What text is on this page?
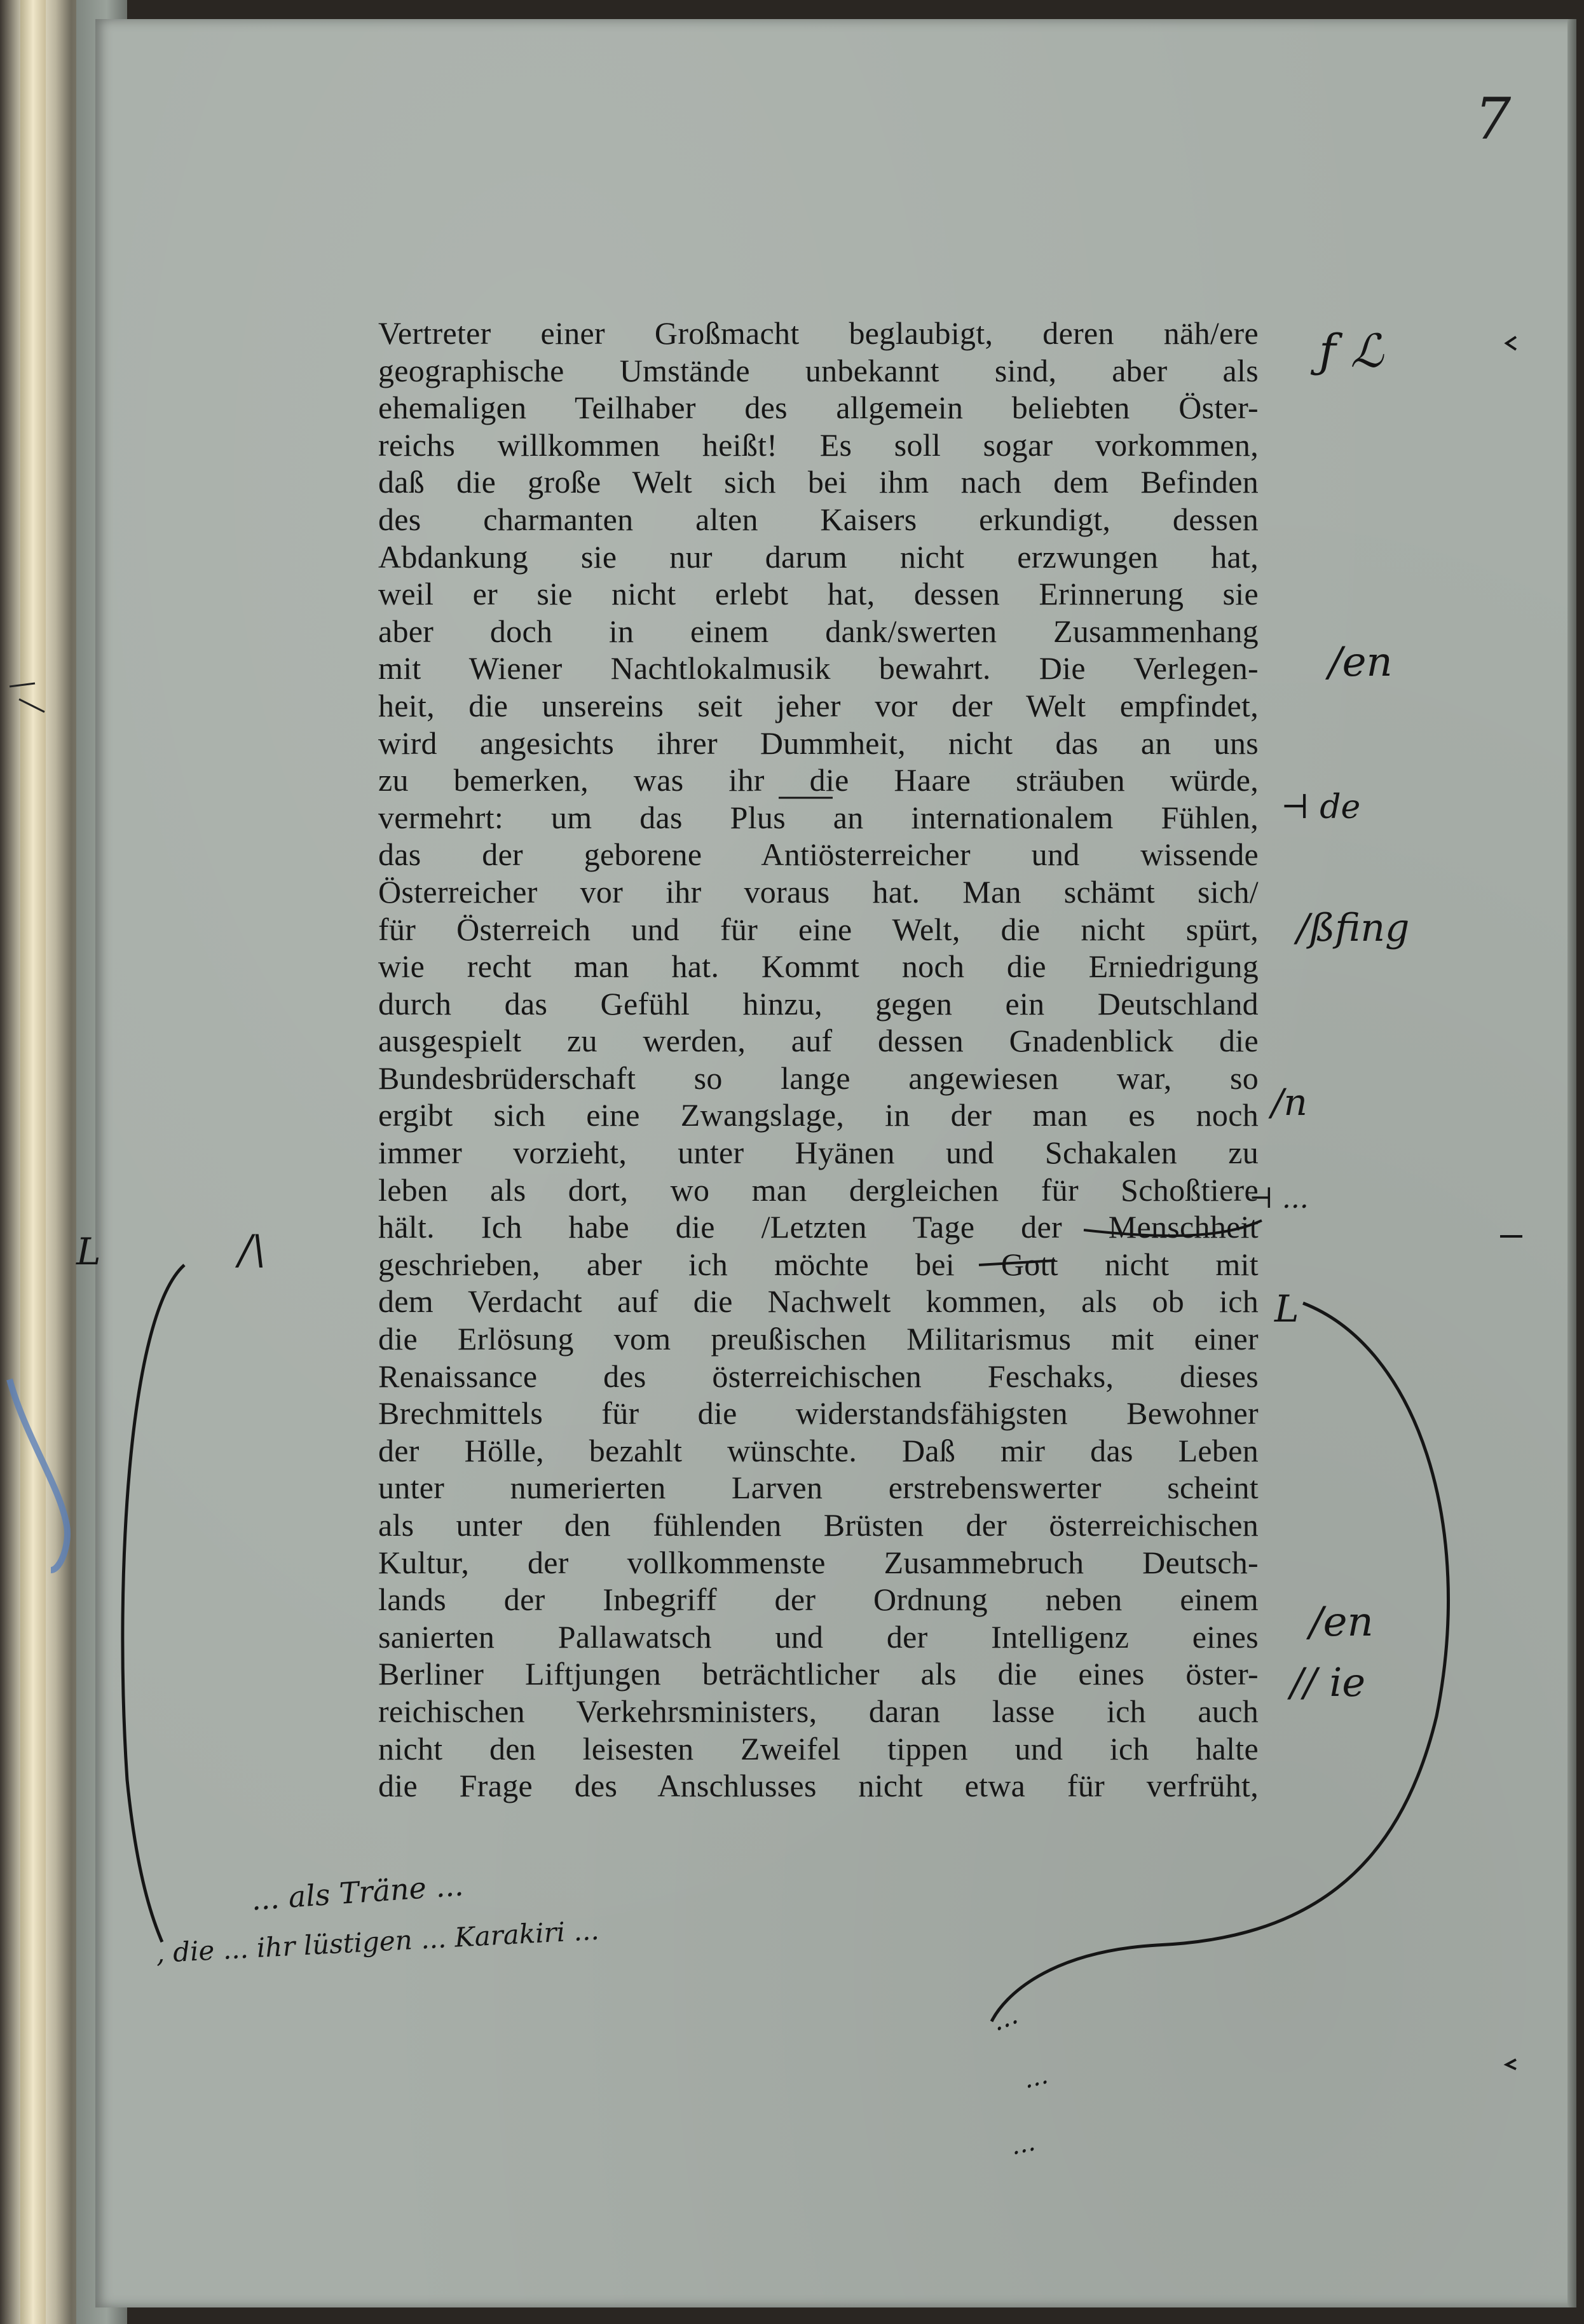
7
Vertreter einer Großmacht beglaubigt, deren näh/ere
geographische Umstände unbekannt sind, aber als
ehemaligen Teilhaber des allgemein beliebten Öster-
reichs willkommen heißt! Es soll sogar vorkommen,
daß die große Welt sich bei ihm nach dem Befinden
des charmanten alten Kaisers erkundigt, dessen
Abdankung sie nur darum nicht erzwungen hat,
weil er sie nicht erlebt hat, dessen Erinnerung sie
aber doch in einem dank/swerten Zusammenhang
mit Wiener Nachtlokalmusik bewahrt. Die Verlegen-
heit, die unsereins seit jeher vor der Welt empfindet,
wird angesichts ihrer Dummheit, nicht das an uns
zu bemerken, was ihr die Haare sträuben würde,
vermehrt: um das Plus an internationalem Fühlen,
das der geborene Antiösterreicher und wissende
Österreicher vor ihr voraus hat. Man schämt sich/
für Österreich und für eine Welt, die nicht spürt,
wie recht man hat. Kommt noch die Erniedrigung
durch das Gefühl hinzu, gegen ein Deutschland
ausgespielt zu werden, auf dessen Gnadenblick die
Bundesbrüderschaft so lange angewiesen war, so
ergibt sich eine Zwangslage, in der man es noch
immer vorzieht, unter Hyänen und Schakalen zu
leben als dort, wo man dergleichen für Schoßtiere
hält. Ich habe die /Letzten Tage der Menschheit
geschrieben, aber ich möchte bei Gott nicht mit
dem Verdacht auf die Nachwelt kommen, als ob ich
die Erlösung vom preußischen Militarismus mit einer
Renaissance des österreichischen Feschaks, dieses
Brechmittels für die widerstandsfähigsten Bewohner
der Hölle, bezahlt wünschte. Daß mir das Leben
unter numerierten Larven erstrebenswerter scheint
als unter den fühlenden Brüsten der österreichischen
Kultur, der vollkommenste Zusammebruch Deutsch-
lands der Inbegriff der Ordnung neben einem
sanierten Pallawatsch und der Intelligenz eines
Berliner Liftjungen beträchtlicher als die eines öster-
reichischen Verkehrsministers, daran lasse ich auch
nicht den leisesten Zweifel tippen und ich halte
die Frage des Anschlusses nicht etwa für verfrüht,
ƒ ℒ
/en
⊣ de
/ßfing
/n
⊣ ...
L
/en
// ie
L	/\
... als Träne ...
, die ... ihr lüstigen ... Karakiri ...
...
...
...
